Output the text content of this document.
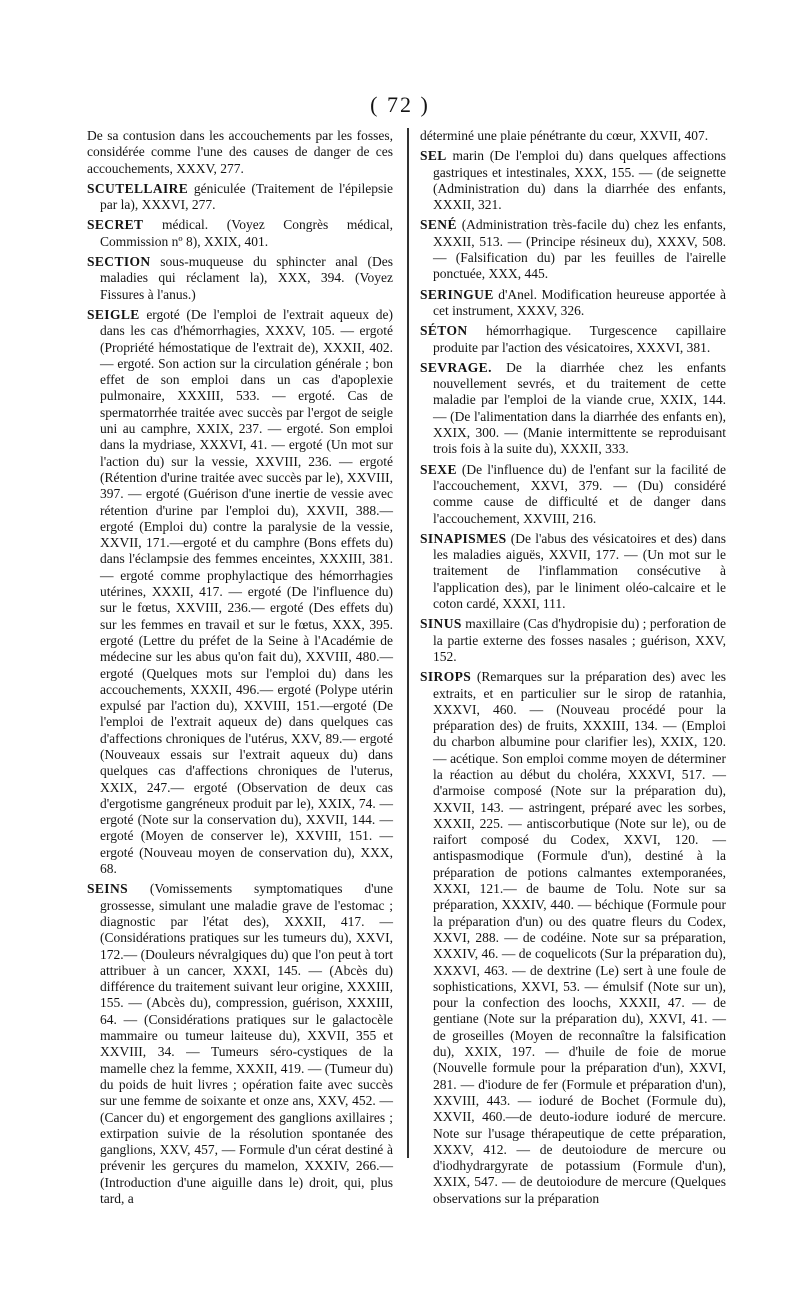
( 72 )

De sa contusion dans les accouchements par les fosses, considérée comme l'une des causes de danger de ces accouchements, XXXV, 277.

SCUTELLAIRE géniculée (Traitement de l'épilepsie par la), XXXVI, 277.

SECRET médical. (Voyez Congrès médical, Commission nº 8), XXIX, 401.

SECTION sous-muqueuse du sphincter anal (Des maladies qui réclament la), XXX, 394. (Voyez Fissures à l'anus.)

SEIGLE ergoté (De l'emploi de l'extrait aqueux de) dans les cas d'hémorrhagies, XXXV, 105. — ergoté (Propriété hémostatique de l'extrait de), XXXII, 402. — ergoté. Son action sur la circulation générale ; bon effet de son emploi dans un cas d'apoplexie pulmonaire, XXXIII, 533. — ergoté. Cas de spermatorrhée traitée avec succès par l'ergot de seigle uni au camphre, XXIX, 237. — ergoté. Son emploi dans la mydriase, XXXVI, 41. — ergoté (Un mot sur l'action du) sur la vessie, XXVIII, 236. — ergoté (Rétention d'urine traitée avec succès par le), XXVIII, 397. — ergoté (Guérison d'une inertie de vessie avec rétention d'urine par l'emploi du), XXVII, 388.— ergoté (Emploi du) contre la paralysie de la vessie, XXVII, 171.—ergoté et du camphre (Bons effets du) dans l'éclampsie des femmes enceintes, XXXIII, 381.— ergoté comme prophylactique des hémorrhagies utérines, XXXII, 417. — ergoté (De l'influence du) sur le fœtus, XXVIII, 236.— ergoté (Des effets du) sur les femmes en travail et sur le fœtus, XXX, 395. ergoté (Lettre du préfet de la Seine à l'Académie de médecine sur les abus qu'on fait du), XXVIII, 480.—ergoté (Quelques mots sur l'emploi du) dans les accouchements, XXXII, 496.— ergoté (Polype utérin expulsé par l'action du), XXVIII, 151.—ergoté (De l'emploi de l'extrait aqueux de) dans quelques cas d'affections chroniques de l'utérus, XXV, 89.— ergoté (Nouveaux essais sur l'extrait aqueux du) dans quelques cas d'affections chroniques de l'uterus, XXIX, 247.— ergoté (Observation de deux cas d'ergotisme gangréneux produit par le), XXIX, 74. — ergoté (Note sur la conservation du), XXVII, 144. — ergoté (Moyen de conserver le), XXVIII, 151. — ergoté (Nouveau moyen de conservation du), XXX, 68.

SEINS (Vomissements symptomatiques d'une grossesse, simulant une maladie grave de l'estomac ; diagnostic par l'état des), XXXII, 417. — (Considérations pratiques sur les tumeurs du), XXVI, 172.— (Douleurs névralgiques du) que l'on peut à tort attribuer à un cancer, XXXI, 145. — (Abcès du) différence du traitement suivant leur origine, XXXIII, 155. — (Abcès du), compression, guérison, XXXIII, 64. — (Considérations pratiques sur le galactocèle mammaire ou tumeur laiteuse du), XXVII, 355 et XXVIII, 34. — Tumeurs séro-cystiques de la mamelle chez la femme, XXXII, 419. — (Tumeur du) du poids de huit livres ; opération faite avec succès sur une femme de soixante et onze ans, XXV, 452. — (Cancer du) et engorgement des ganglions axillaires ; extirpation suivie de la résolution spontanée des ganglions, XXV, 457, — Formule d'un cérat destiné à prévenir les gerçures du mamelon, XXXIV, 266.— (Introduction d'une aiguille dans le) droit, qui, plus tard, a

déterminé une plaie pénétrante du cœur, XXVII, 407.

SEL marin (De l'emploi du) dans quelques affections gastriques et intestinales, XXX, 155. — (de seignette (Administration du) dans la diarrhée des enfants, XXXII, 321.

SENÉ (Administration très-facile du) chez les enfants, XXXII, 513. — (Principe résineux du), XXXV, 508. — (Falsification du) par les feuilles de l'airelle ponctuée, XXX, 445.

SERINGUE d'Anel. Modification heureuse apportée à cet instrument, XXXV, 326.

SÉTON hémorrhagique. Turgescence capillaire produite par l'action des vésicatoires, XXXVI, 381.

SEVRAGE. De la diarrhée chez les enfants nouvellement sevrés, et du traitement de cette maladie par l'emploi de la viande crue, XXIX, 144. — (De l'alimentation dans la diarrhée des enfants en), XXIX, 300. — (Manie intermittente se reproduisant trois fois à la suite du), XXXII, 333.

SEXE (De l'influence du) de l'enfant sur la facilité de l'accouchement, XXVI, 379. — (Du) considéré comme cause de difficulté et de danger dans l'accouchement, XXVIII, 216.

SINAPISMES (De l'abus des vésicatoires et des) dans les maladies aiguës, XXVII, 177. — (Un mot sur le traitement de l'inflammation consécutive à l'application des), par le liniment oléo-calcaire et le coton cardé, XXXI, 111.

SINUS maxillaire (Cas d'hydropisie du) ; perforation de la partie externe des fosses nasales ; guérison, XXV, 152.

SIROPS (Remarques sur la préparation des) avec les extraits, et en particulier sur le sirop de ratanhia, XXXVI, 460. — (Nouveau procédé pour la préparation des) de fruits, XXXIII, 134. — (Emploi du charbon albumine pour clarifier les), XXIX, 120. — acétique. Son emploi comme moyen de déterminer la réaction au début du choléra, XXXVI, 517. — d'armoise composé (Note sur la préparation du), XXVII, 143. — astringent, préparé avec les sorbes, XXXII, 225. — antiscorbutique (Note sur le), ou de raifort composé du Codex, XXVI, 120. — antispasmodique (Formule d'un), destiné à la préparation de potions calmantes extemporanées, XXXI, 121.— de baume de Tolu. Note sur sa préparation, XXXIV, 440. — béchique (Formule pour la préparation d'un) ou des quatre fleurs du Codex, XXVI, 288. — de codéine. Note sur sa préparation, XXXIV, 46. — de coquelicots (Sur la préparation du), XXXVI, 463. — de dextrine (Le) sert à une foule de sophistications, XXVI, 53. — émulsif (Note sur un), pour la confection des loochs, XXXII, 47. — de gentiane (Note sur la préparation du), XXVI, 41. — de groseilles (Moyen de reconnaître la falsification du), XXIX, 197. — d'huile de foie de morue (Nouvelle formule pour la préparation d'un), XXVI, 281. — d'iodure de fer (Formule et préparation d'un), XXVIII, 443. — ioduré de Bochet (Formule du), XXVII, 460.—de deuto-iodure ioduré de mercure. Note sur l'usage thérapeutique de cette préparation, XXXV, 412. — de deutoiodure de mercure ou d'iodhydrargyrate de potassium (Formule d'un), XXIX, 547. — de deutoiodure de mercure (Quelques observations sur la préparation
